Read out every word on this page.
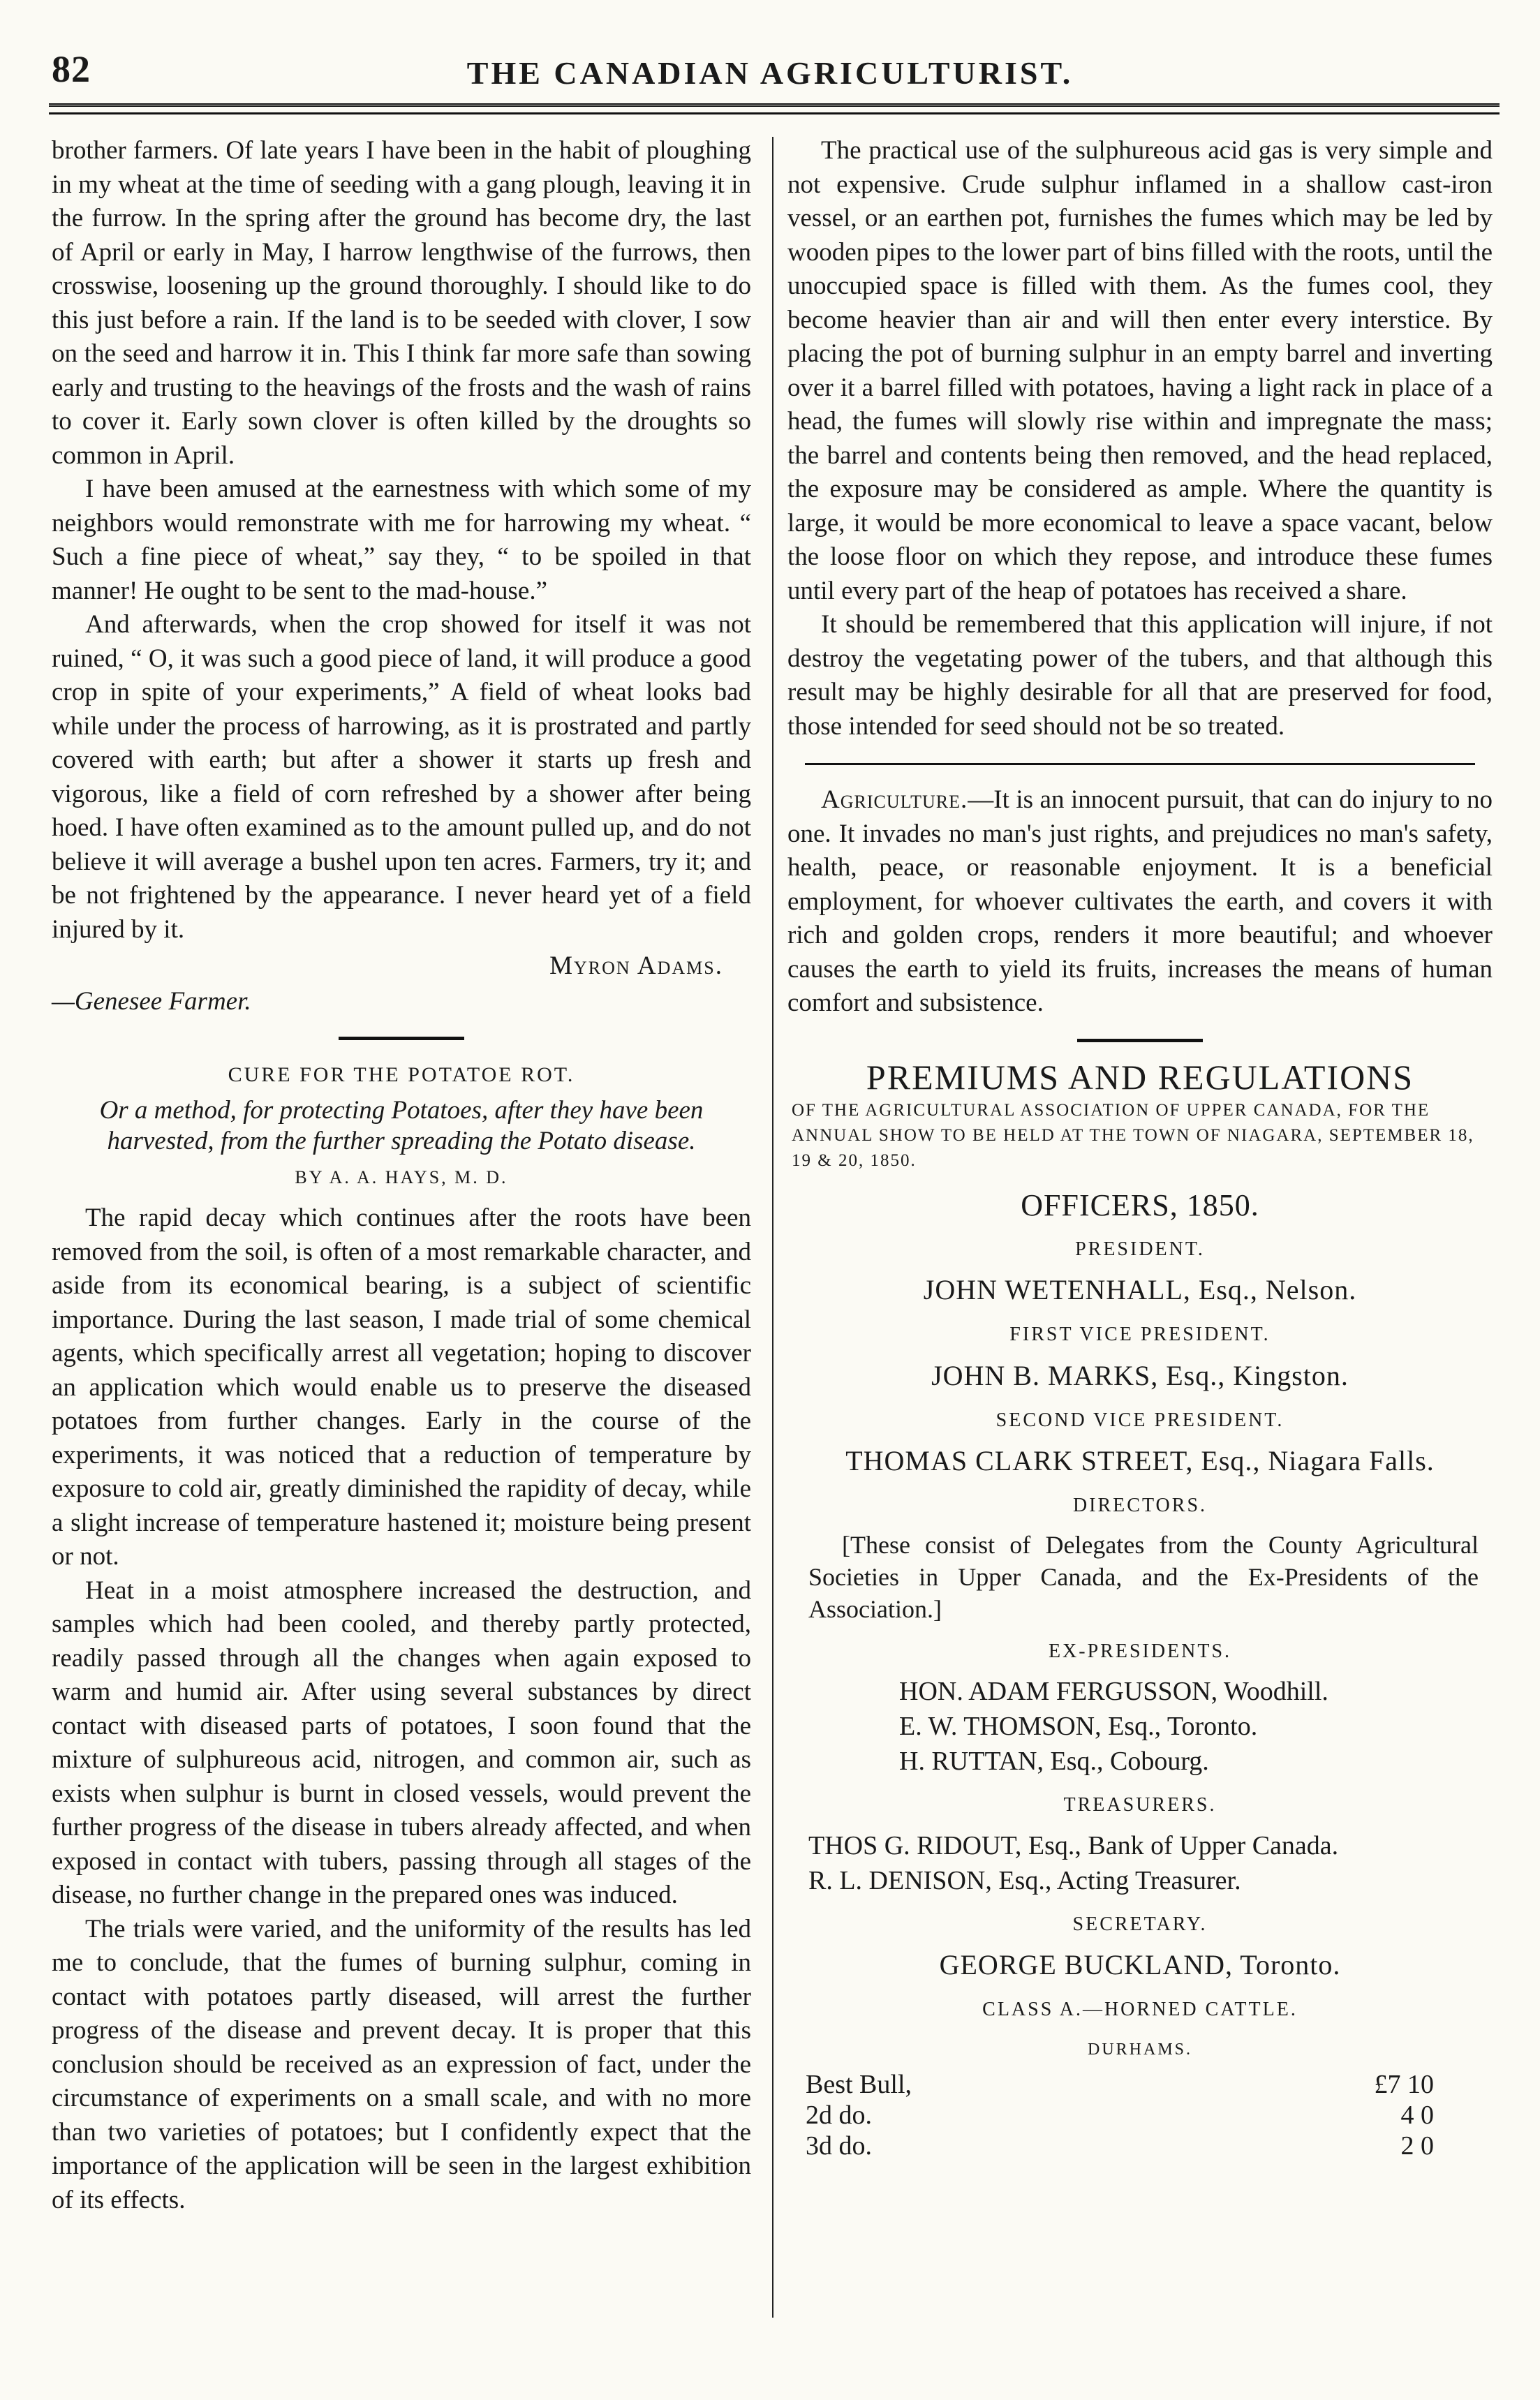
82	THE CANADIAN AGRICULTURIST.

brother farmers. Of late years I have been in the habit of ploughing in my wheat at the time of seeding with a gang plough, leaving it in the furrow. In the spring after the ground has become dry, the last of April or early in May, I harrow lengthwise of the furrows, then crosswise, loosening up the ground thoroughly. I should like to do this just before a rain. If the land is to be seeded with clover, I sow on the seed and harrow it in. This I think far more safe than sowing early and trusting to the heavings of the frosts and the wash of rains to cover it. Early sown clover is often killed by the droughts so common in April.

I have been amused at the earnestness with which some of my neighbors would remonstrate with me for harrowing my wheat. “ Such a fine piece of wheat,” say they, “ to be spoiled in that manner! He ought to be sent to the mad-house.”

And afterwards, when the crop showed for itself it was not ruined, “ O, it was such a good piece of land, it will produce a good crop in spite of your experiments,” A field of wheat looks bad while under the process of harrowing, as it is prostrated and partly covered with earth; but after a shower it starts up fresh and vigorous, like a field of corn refreshed by a shower after being hoed. I have often examined as to the amount pulled up, and do not believe it will average a bushel upon ten acres. Farmers, try it; and be not frightened by the appearance. I never heard yet of a field injured by it.

Myron Adams.
—Genesee Farmer.
CURE FOR THE POTATOE ROT.
Or a method, for protecting Potatoes, after they have been harvested, from the further spreading the Potato disease.
BY A. A. HAYS, M. D.

The rapid decay which continues after the roots have been removed from the soil, is often of a most remarkable character, and aside from its economical bearing, is a subject of scientific importance. During the last season, I made trial of some chemical agents, which specifically arrest all vegetation; hoping to discover an application which would enable us to preserve the diseased potatoes from further changes. Early in the course of the experiments, it was noticed that a reduction of temperature by exposure to cold air, greatly diminished the rapidity of decay, while a slight increase of temperature hastened it; moisture being present or not.

Heat in a moist atmosphere increased the destruction, and samples which had been cooled, and thereby partly protected, readily passed through all the changes when again exposed to warm and humid air. After using several substances by direct contact with diseased parts of potatoes, I soon found that the mixture of sulphureous acid, nitrogen, and common air, such as exists when sulphur is burnt in closed vessels, would prevent the further progress of the disease in tubers already affected, and when exposed in contact with tubers, passing through all stages of the disease, no further change in the prepared ones was induced.

The trials were varied, and the uniformity of the results has led me to conclude, that the fumes of burning sulphur, coming in contact with potatoes partly diseased, will arrest the further progress of the disease and prevent decay. It is proper that this conclusion should be received as an expression of fact, under the circumstance of experiments on a small scale, and with no more than two varieties of potatoes; but I confidently expect that the importance of the application will be seen in the largest exhibition of its effects.

The practical use of the sulphureous acid gas is very simple and not expensive. Crude sulphur inflamed in a shallow cast-iron vessel, or an earthen pot, furnishes the fumes which may be led by wooden pipes to the lower part of bins filled with the roots, until the unoccupied space is filled with them. As the fumes cool, they become heavier than air and will then enter every interstice. By placing the pot of burning sulphur in an empty barrel and inverting over it a barrel filled with potatoes, having a light rack in place of a head, the fumes will slowly rise within and impregnate the mass; the barrel and contents being then removed, and the head replaced, the exposure may be considered as ample. Where the quantity is large, it would be more economical to leave a space vacant, below the loose floor on which they repose, and introduce these fumes until every part of the heap of potatoes has received a share.

It should be remembered that this application will injure, if not destroy the vegetating power of the tubers, and that although this result may be highly desirable for all that are preserved for food, those intended for seed should not be so treated.

Agriculture.—It is an innocent pursuit, that can do injury to no one. It invades no man's just rights, and prejudices no man's safety, health, peace, or reasonable enjoyment. It is a beneficial employment, for whoever cultivates the earth, and covers it with rich and golden crops, renders it more beautiful; and whoever causes the earth to yield its fruits, increases the means of human comfort and subsistence.

PREMIUMS AND REGULATIONS
OF THE AGRICULTURAL ASSOCIATION OF UPPER CANADA, FOR THE ANNUAL SHOW TO BE HELD AT THE TOWN OF NIAGARA, SEPTEMBER 18, 19 & 20, 1850.
OFFICERS, 1850.
PRESIDENT.
JOHN WETENHALL, Esq., Nelson.
FIRST VICE PRESIDENT.
JOHN B. MARKS, Esq., Kingston.
SECOND VICE PRESIDENT.
THOMAS CLARK STREET, Esq., Niagara Falls.
DIRECTORS.

[These consist of Delegates from the County Agricultural Societies in Upper Canada, and the Ex-Presidents of the Association.]

EX-PRESIDENTS.
HON. ADAM FERGUSSON, Woodhill.
E. W. THOMSON, Esq., Toronto.
H. RUTTAN, Esq., Cobourg.
TREASURERS.
THOS G. RIDOUT, Esq., Bank of Upper Canada.
R. L. DENISON, Esq., Acting Treasurer.
SECRETARY.
GEORGE BUCKLAND, Toronto.
CLASS A.—HORNED CATTLE.
DURHAMS.
Best Bull,	£7 10
2d do.	4 0
3d do.	2 0
